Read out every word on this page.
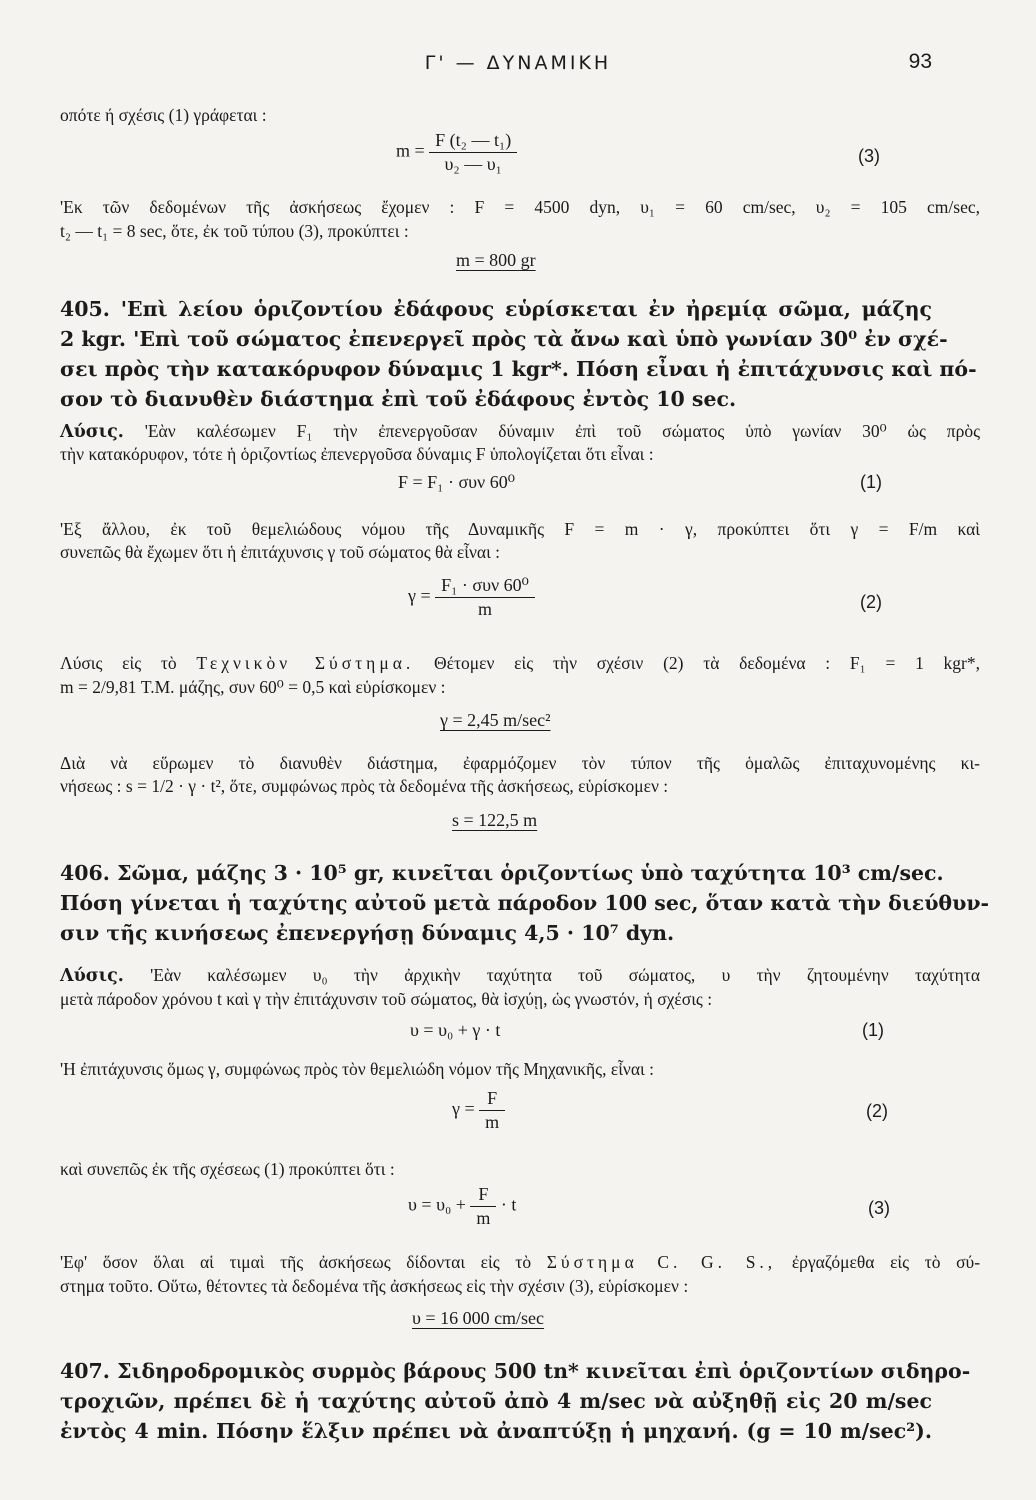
Γ' — ΔΥΝΑΜΙΚΗ	93
οπότε ή σχέσις (1) γράφεται :
$m = \frac{\text{F (t₂ — t₁)}}{\text{υ₂ — υ₁}}$	(3)
'Εκ τῶν δεδομένων τῆς ἀσκήσεως ἔχομεν : F = 4500 dyn, υ₁ = 60 cm/sec, υ₂ = 105 cm/sec,
t₂ — t₁ = 8 sec, ὅτε, ἐκ τοῦ τύπου (3), προκύπτει :
m = 800 gr
405. 'Επὶ λείου ὁριζοντίου ἐδάφους εὑρίσκεται ἐν ἠρεμίᾳ σῶμα, μάζης
2 kgr. 'Επὶ τοῦ σώματος ἐπενεργεῖ πρὸς τὰ ἄνω καὶ ὑπὸ γωνίαν 30⁰ ἐν σχέ-
σει πρὸς τὴν κατακόρυφον δύναμις 1 kgr*. Πόση εἶναι ἡ ἐπιτάχυνσις καὶ πό-
σον τὸ διανυθὲν διάστημα ἐπὶ τοῦ ἐδάφους ἐντὸς 10 sec.
Λύσις. 'Εὰν καλέσωμεν F₁ τὴν ἐπενεργοῦσαν δύναμιν ἐπὶ τοῦ σώματος ὑπὸ γωνίαν 30⁰ ὡς πρὸς
τὴν κατακόρυφον, τότε ἡ ὁριζοντίως ἐπενεργοῦσα δύναμις F ὑπολογίζεται ὅτι εἶναι :
F = F₁ · συν 60⁰	(1)
'Εξ ἄλλου, ἐκ τοῦ θεμελιώδους νόμου τῆς Δυναμικῆς F = m · γ, προκύπτει ὅτι γ = F/m καὶ
συνεπῶς θὰ ἔχωμεν ὅτι ἡ ἐπιτάχυνσις γ τοῦ σώματος θὰ εἶναι :
$\gamma = \frac{\text{F₁ · συν 60⁰}}{m}$	(2)
Λύσις εἰς τὸ Τεχνικὸν Σύστημα. Θέτομεν εἰς τὴν σχέσιν (2) τὰ δεδομένα : F₁ = 1 kgr*,
m = 2/9,81 Τ.Μ. μάζης, συν 60⁰ = 0,5 καὶ εὑρίσκομεν :
γ = 2,45 m/sec²
Διὰ νὰ εὕρωμεν τὸ διανυθὲν διάστημα, ἐφαρμόζομεν τὸν τύπον τῆς ὁμαλῶς ἐπιταχυνομένης κι-
νήσεως : s = 1/2 · γ · t², ὅτε, συμφώνως πρὸς τὰ δεδομένα τῆς ἀσκήσεως, εὑρίσκομεν :
s = 122,5 m
406. Σῶμα, μάζης 3 · 10⁵ gr, κινεῖται ὁριζοντίως ὑπὸ ταχύτητα 10³ cm/sec.
Πόση γίνεται ἡ ταχύτης αὐτοῦ μετὰ πάροδον 100 sec, ὅταν κατὰ τὴν διεύθυν-
σιν τῆς κινήσεως ἐπενεργήσῃ δύναμις 4,5 · 10⁷ dyn.
Λύσις. 'Εὰν καλέσωμεν υ₀ τὴν ἀρχικὴν ταχύτητα τοῦ σώματος, υ τὴν ζητουμένην ταχύτητα
μετὰ πάροδον χρόνου t καὶ γ τὴν ἐπιτάχυνσιν τοῦ σώματος, θὰ ἰσχύῃ, ὡς γνωστόν, ἡ σχέσις :
υ = υ₀ + γ · t	(1)
'Η ἐπιτάχυνσις ὅμως γ, συμφώνως πρὸς τὸν θεμελιώδη νόμον τῆς Μηχανικῆς, εἶναι :
$\gamma = \frac{F}{m}$	(2)
καὶ συνεπῶς ἐκ τῆς σχέσεως (1) προκύπτει ὅτι :
$\upsilon = \upsilon_0 + \frac{F}{m} \cdot t$	(3)
'Εφ' ὅσον ὅλαι αἱ τιμαὶ τῆς ἀσκήσεως δίδονται εἰς τὸ Σύστημα C. G. S., ἐργαζόμεθα εἰς τὸ σύ-
στημα τοῦτο. Οὕτω, θέτοντες τὰ δεδομένα τῆς ἀσκήσεως εἰς τὴν σχέσιν (3), εὑρίσκομεν :
υ = 16 000 cm/sec
407. Σιδηροδρομικὸς συρμὸς βάρους 500 tn* κινεῖται ἐπὶ ὁριζοντίων σιδηρο-
τροχιῶν, πρέπει δὲ ἡ ταχύτης αὐτοῦ ἀπὸ 4 m/sec νὰ αὐξηθῇ εἰς 20 m/sec
ἐντὸς 4 min. Πόσην ἕλξιν πρέπει νὰ ἀναπτύξῃ ἡ μηχανή. (g = 10 m/sec²).
